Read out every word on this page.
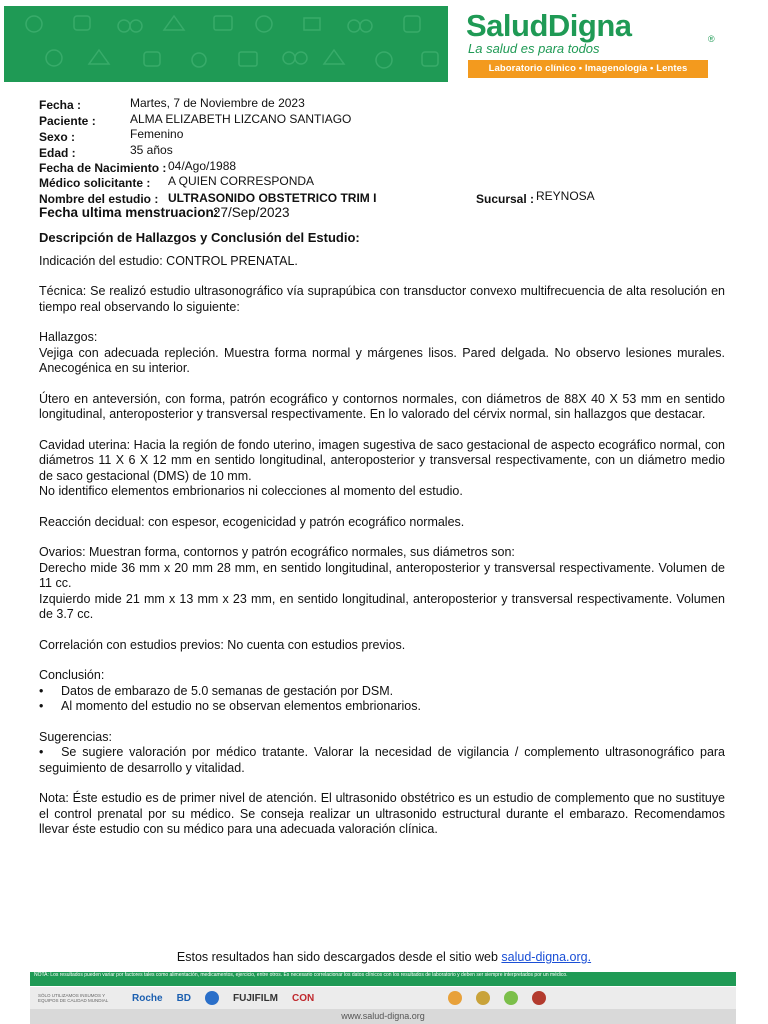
SaludDigna	®
La salud es para todos
Laboratorio clínico • Imagenología • Lentes
Fecha :	Martes, 7 de Noviembre de 2023
Paciente :	ALMA ELIZABETH LIZCANO SANTIAGO
Sexo :	Femenino
Edad :	35 años
Fecha de Nacimiento : 04/Ago/1988
Médico solicitante : A QUIEN CORRESPONDA
Nombre del estudio : ULTRASONIDO OBSTETRICO TRIM I	Sucursal : REYNOSA
Fecha ultima menstruacion:
27/Sep/2023
Descripción de Hallazgos y Conclusión del Estudio:

Indicación del estudio: CONTROL PRENATAL.

Técnica: Se realizó estudio ultrasonográfico vía suprapúbica con transductor convexo multifrecuencia de alta resolución en tiempo real observando lo siguiente:

Hallazgos:
Vejiga con adecuada repleción. Muestra forma normal y márgenes lisos. Pared delgada. No observo lesiones murales. Anecogénica en su interior.

Útero en anteversión, con forma, patrón ecográfico y contornos normales, con diámetros de 88X 40 X 53 mm en sentido longitudinal, anteroposterior y transversal respectivamente. En lo valorado del cérvix normal, sin hallazgos que destacar.

Cavidad uterina: Hacia la región de fondo uterino, imagen sugestiva de saco gestacional de aspecto ecográfico normal, con diámetros 11 X 6 X 12 mm en sentido longitudinal, anteroposterior y transversal respectivamente, con un diámetro medio de saco gestacional (DMS) de 10 mm.
No identifico elementos embrionarios ni colecciones al momento del estudio.

Reacción decidual: con espesor, ecogenicidad y patrón ecográfico normales.

Ovarios: Muestran forma, contornos y patrón ecográfico normales, sus diámetros son:
Derecho mide 36 mm x 20 mm 28 mm, en sentido longitudinal, anteroposterior y transversal respectivamente. Volumen de 11 cc.
Izquierdo mide 21 mm x 13 mm x 23 mm, en sentido longitudinal, anteroposterior y transversal respectivamente. Volumen de 3.7 cc.

Correlación con estudios previos: No cuenta con estudios previos.

Conclusión:
•	Datos de embarazo de 5.0 semanas de gestación por DSM.
•	Al momento del estudio no se observan elementos embrionarios.

Sugerencias:
• Se sugiere valoración por médico tratante. Valorar la necesidad de vigilancia / complemento ultrasonográfico para seguimiento de desarrollo y vitalidad.

Nota: Éste estudio es de primer nivel de atención. El ultrasonido obstétrico es un estudio de complemento que no sustituye el control prenatal por su médico. Se conseja realizar un ultrasonido estructural durante el embarazo. Recomendamos llevar éste estudio con su médico para una adecuada valoración clínica.

Estos resultados han sido descargados desde el sitio web salud-digna.org.
NOTA: Los resultados pueden variar por factores tales como alimentación, medicamentos, ejercicio, entre otros. Es necesario correlacionar los datos clínicos con los resultados de laboratorio y deben ser siempre interpretados por un médico.
SÓLO UTILIZAMOS INSUMOS Y EQUIPOS DE CALIDAD MUNDIAL	Roche BD	FUJIFILM CON
www.salud-digna.org
